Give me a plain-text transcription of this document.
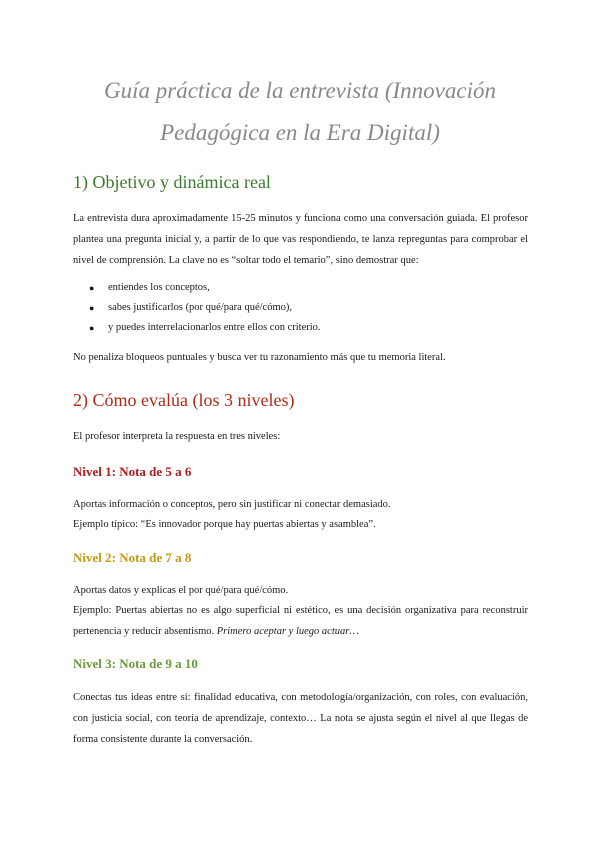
Guía práctica de la entrevista (Innovación
Pedagógica en la Era Digital)
1) Objetivo y dinámica real

La entrevista dura aproximadamente 15-25 minutos y funciona como una conversación guiada. El profesor plantea una pregunta inicial y, a partir de lo que vas respondiendo, te lanza repreguntas para comprobar el nivel de comprensión. La clave no es “soltar todo el temario”, sino demostrar que:

● entiendes los conceptos,
● sabes justificarlos (por qué/para qué/cómo),
● y puedes interrelacionarlos entre ellos con criterio.

No penaliza bloqueos puntuales y busca ver tu razonamiento más que tu memoria literal.

2) Cómo evalúa (los 3 niveles)

El profesor interpreta la respuesta en tres niveles:

Nivel 1: Nota de 5 a 6

Aportas información o conceptos, pero sin justificar ni conectar demasiado.

Ejemplo típico: “Es innovador porque hay puertas abiertas y asamblea”.

Nivel 2: Nota de 7 a 8

Aportas datos y explicas el por qué/para qué/cómo.

Ejemplo: Puertas abiertas no es algo superficial ni estético, es una decisión organizativa para reconstruir pertenencia y reducir absentismo. Primero aceptar y luego actuar…

Nivel 3: Nota de 9 a 10

Conectas tus ideas entre sí: finalidad educativa, con metodología/organización, con roles, con evaluación, con justicia social, con teoría de aprendizaje, contexto… La nota se ajusta según el nivel al que llegas de forma consistente durante la conversación.
